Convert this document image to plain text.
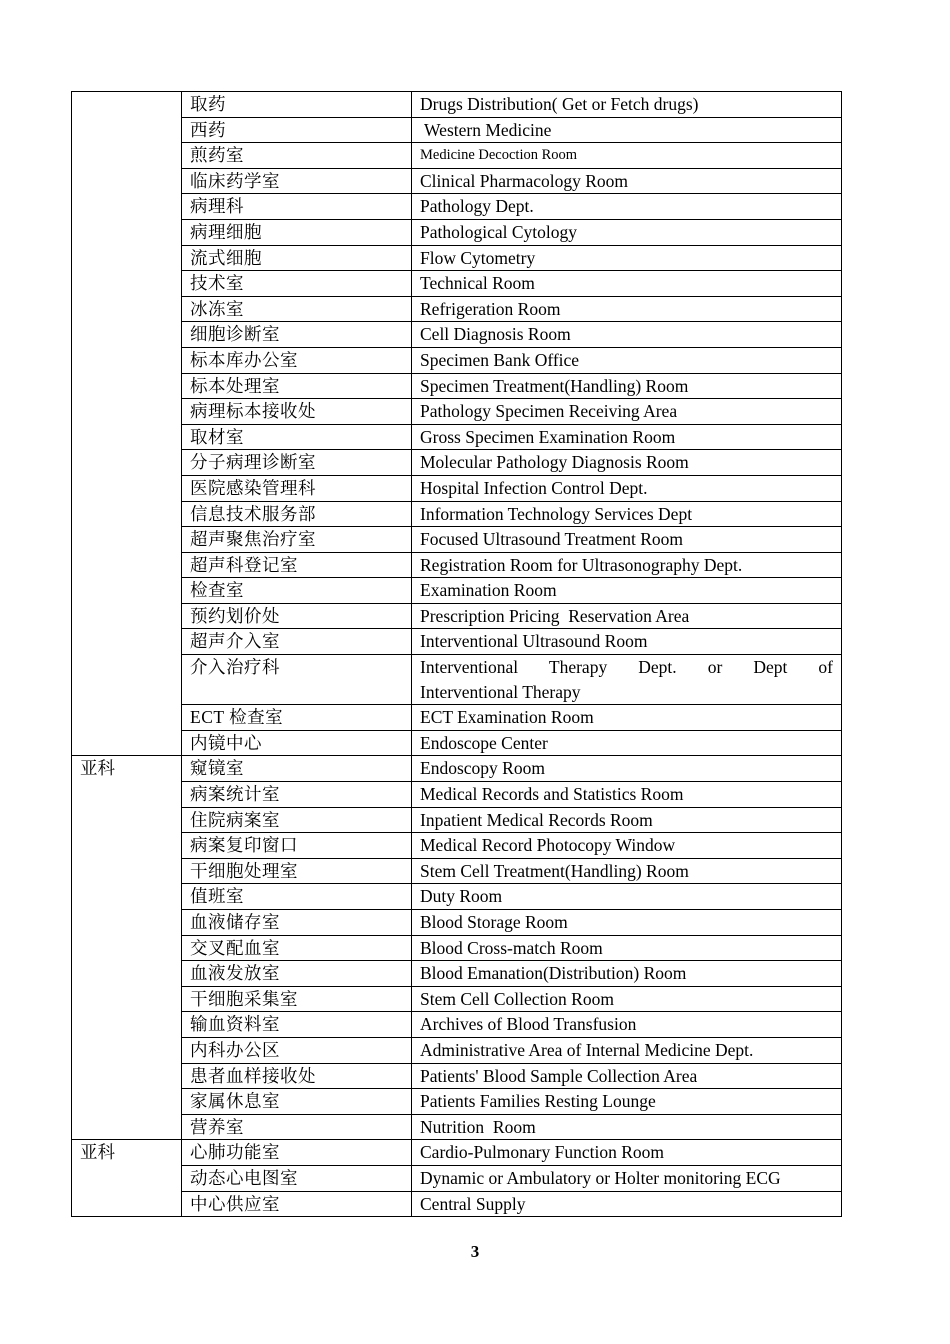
	取药	Drugs Distribution( Get or Fetch drugs)
	西药	Western Medicine
	煎药室	Medicine Decoction Room
	临床药学室	Clinical Pharmacology Room
	病理科	Pathology Dept.
	病理细胞	Pathological Cytology
	流式细胞	Flow Cytometry
	技术室	Technical Room
	冰冻室	Refrigeration Room
	细胞诊断室	Cell Diagnosis Room
	标本库办公室	Specimen Bank Office
	标本处理室	Specimen Treatment(Handling) Room
	病理标本接收处	Pathology Specimen Receiving Area
	取材室	Gross Specimen Examination Room
	分子病理诊断室	Molecular Pathology Diagnosis Room
	医院感染管理科	Hospital Infection Control Dept.
	信息技术服务部	Information Technology Services Dept
	超声聚焦治疗室	Focused Ultrasound Treatment Room
	超声科登记室	Registration Room for Ultrasonography Dept.
	检查室	Examination Room
	预约划价处	Prescription Pricing  Reservation Area
	超声介入室	Interventional Ultrasound Room
	介入治疗科	Interventional Therapy Dept. or Dept of
Interventional Therapy
	ECT 检查室	ECT Examination Room
	内镜中心	Endoscope Center
亚科	窥镜室	Endoscopy Room
	病案统计室	Medical Records and Statistics Room
	住院病案室	Inpatient Medical Records Room
	病案复印窗口	Medical Record Photocopy Window
	干细胞处理室	Stem Cell Treatment(Handling) Room
	值班室	Duty Room
	血液储存室	Blood Storage Room
	交叉配血室	Blood Cross-match Room
	血液发放室	Blood Emanation(Distribution) Room
	干细胞采集室	Stem Cell Collection Room
	输血资料室	Archives of Blood Transfusion
	内科办公区	Administrative Area of Internal Medicine Dept.
	患者血样接收处	Patients' Blood Sample Collection Area
	家属休息室	Patients Families Resting Lounge
	营养室	Nutrition  Room
亚科	心肺功能室	Cardio-Pulmonary Function Room
	动态心电图室	Dynamic or Ambulatory or Holter monitoring ECG
	中心供应室	Central Supply
3
